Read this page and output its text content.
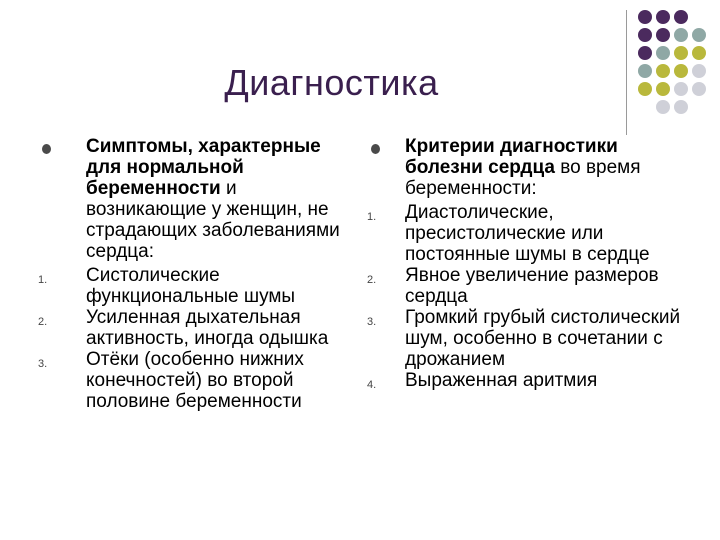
Диагностика
Симптомы, характерные для нормальной беременности и возникающие у женщин, не страдающих заболеваниями сердца:
1.	Систолические функциональные шумы
2.	Усиленная дыхательная активность, иногда одышка
3.	Отёки (особенно нижних конечностей) во второй половине беременности
Критерии диагностики болезни сердца во время беременности:
1.	Диастолические, пресистолические или постоянные шумы в сердце
2.	Явное увеличение размеров сердца
3.	Громкий грубый систолический шум, особенно в сочетании с дрожанием
4.	Выраженная аритмия
